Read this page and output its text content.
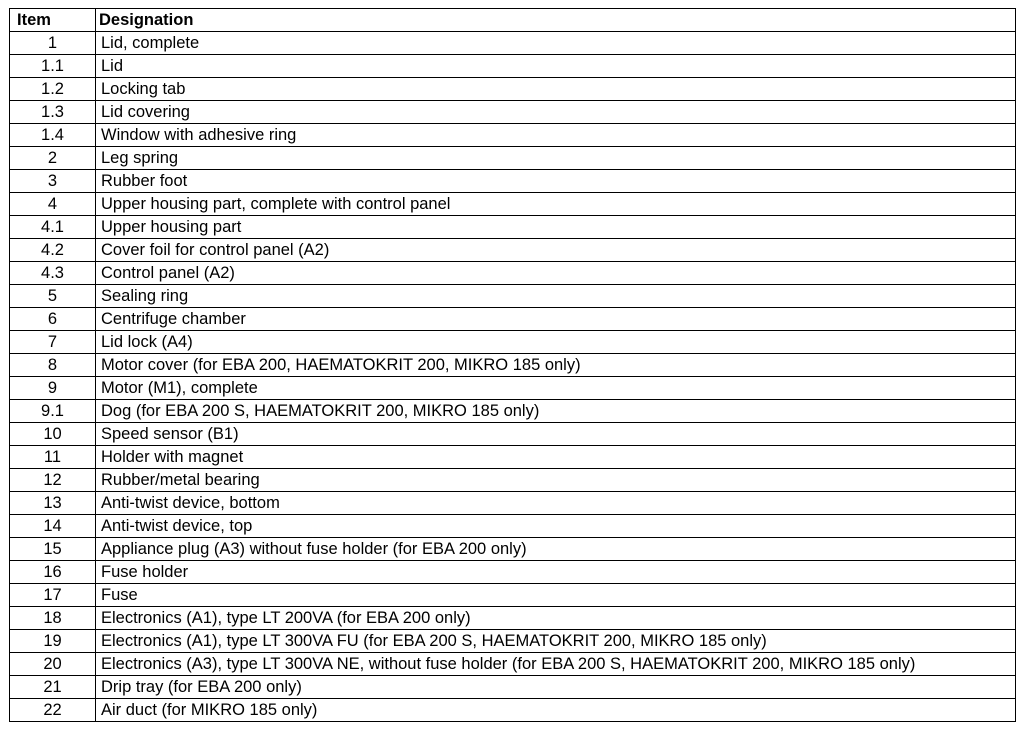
Item	Designation
1	Lid, complete
1.1	Lid
1.2	Locking tab
1.3	Lid covering
1.4	Window with adhesive ring
2	Leg spring
3	Rubber foot
4	Upper housing part, complete with control panel
4.1	Upper housing part
4.2	Cover foil for control panel (A2)
4.3	Control panel (A2)
5	Sealing ring
6	Centrifuge chamber
7	Lid lock (A4)
8	Motor cover (for EBA 200, HAEMATOKRIT 200, MIKRO 185 only)
9	Motor (M1), complete
9.1	Dog (for EBA 200 S, HAEMATOKRIT 200, MIKRO 185 only)
10	Speed sensor (B1)
11	Holder with magnet
12	Rubber/metal bearing
13	Anti-twist device, bottom
14	Anti-twist device, top
15	Appliance plug (A3) without fuse holder (for EBA 200 only)
16	Fuse holder
17	Fuse
18	Electronics (A1), type LT 200VA (for EBA 200 only)
19	Electronics (A1), type LT 300VA FU (for EBA 200 S, HAEMATOKRIT 200, MIKRO 185 only)
20	Electronics (A3), type LT 300VA NE, without fuse holder (for EBA 200 S, HAEMATOKRIT 200, MIKRO 185 only)
21	Drip tray (for EBA 200 only)
22	Air duct (for MIKRO 185 only)
